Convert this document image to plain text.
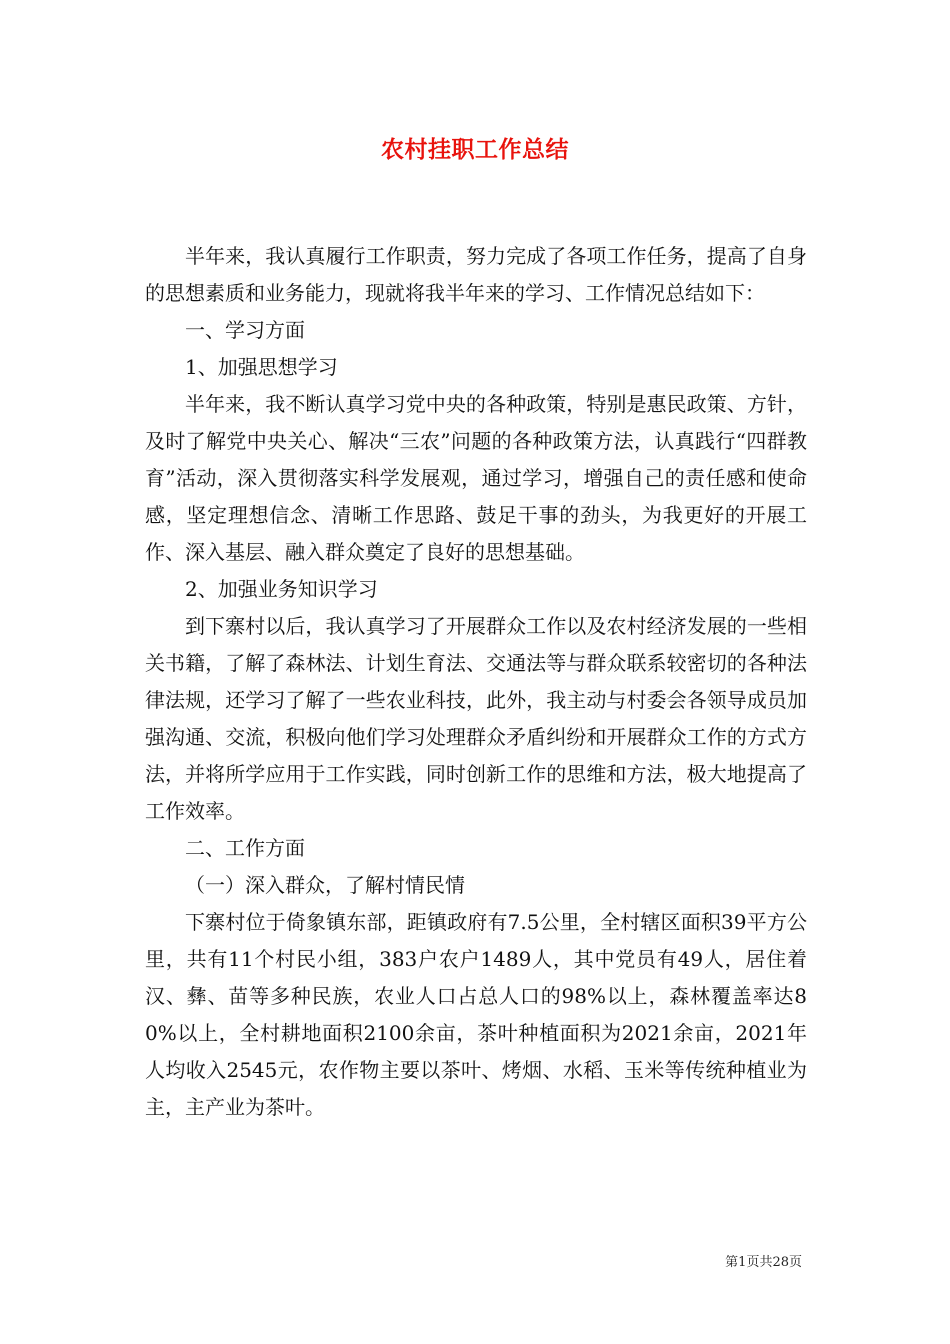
农村挂职工作总结

半年来，我认真履行工作职责，努力完成了各项工作任务，提高了自身的思想素质和业务能力，现就将我半年来的学习、工作情况总结如下：

一、学习方面

1、加强思想学习

半年来，我不断认真学习党中央的各种政策，特别是惠民政策、方针，及时了解党中央关心、解决“三农”问题的各种政策方法，认真践行“四群教育”活动，深入贯彻落实科学发展观，通过学习，增强自己的责任感和使命感，坚定理想信念、清晰工作思路、鼓足干事的劲头，为我更好的开展工作、深入基层、融入群众奠定了良好的思想基础。

2、加强业务知识学习

到下寨村以后，我认真学习了开展群众工作以及农村经济发展的一些相关书籍，了解了森林法、计划生育法、交通法等与群众联系较密切的各种法律法规，还学习了解了一些农业科技，此外，我主动与村委会各领导成员加强沟通、交流，积极向他们学习处理群众矛盾纠纷和开展群众工作的方式方法，并将所学应用于工作实践，同时创新工作的思维和方法，极大地提高了工作效率。

二、工作方面

（一）深入群众，了解村情民情

下寨村位于倚象镇东部，距镇政府有7.5公里，全村辖区面积39平方公里，共有11个村民小组，383户农户1489人，其中党员有49人，居住着汉、彝、苗等多种民族，农业人口占总人口的98%以上，森林覆盖率达80%以上，全村耕地面积2100余亩，茶叶种植面积为2021余亩，2021年人均收入2545元，农作物主要以茶叶、烤烟、水稻、玉米等传统种植业为主，主产业为茶叶。

第1页共28页
